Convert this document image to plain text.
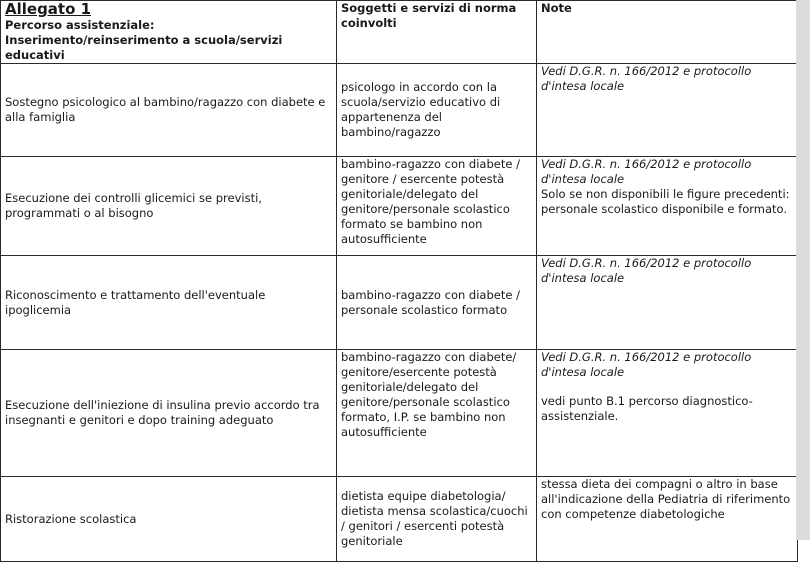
Allegato 1
Percorso assistenziale:
Inserimento/reinserimento a scuola/servizi educativi	Soggetti e servizi di norma coinvolti	Note
Sostegno psicologico al bambino/ragazzo con diabete e alla famiglia	psicologo in accordo con la scuola/servizio educativo di appartenenza del bambino/ragazzo	Vedi D.G.R. n. 166/2012 e protocollo d'intesa locale

Esecuzione dei controlli glicemici se previsti, programmati o al bisogno	bambino-ragazzo con diabete / genitore / esercente potestà genitoriale/delegato del genitore/personale scolastico formato se bambino non autosufficiente	Vedi D.G.R. n. 166/2012 e protocollo d'intesa locale
Solo se non disponibili le figure precedenti: personale scolastico disponibile e formato.

Riconoscimento e trattamento dell'eventuale ipoglicemia	bambino-ragazzo con diabete / personale scolastico formato	Vedi D.G.R. n. 166/2012 e protocollo d'intesa locale

Esecuzione dell'iniezione di insulina previo accordo tra insegnanti e genitori e dopo training adeguato	bambino-ragazzo con diabete/ genitore/esercente potestà genitoriale/delegato del genitore/personale scolastico formato, I.P. se bambino non autosufficiente	Vedi D.G.R. n. 166/2012 e protocollo d'intesa locale
vedi punto B.1 percorso diagnostico-assistenziale.

Ristorazione scolastica	dietista equipe diabetologia/ dietista mensa scolastica/cuochi / genitori / esercenti potestà genitoriale	stessa dieta dei compagni o altro in base all'indicazione della Pediatria di riferimento con competenze diabetologiche
